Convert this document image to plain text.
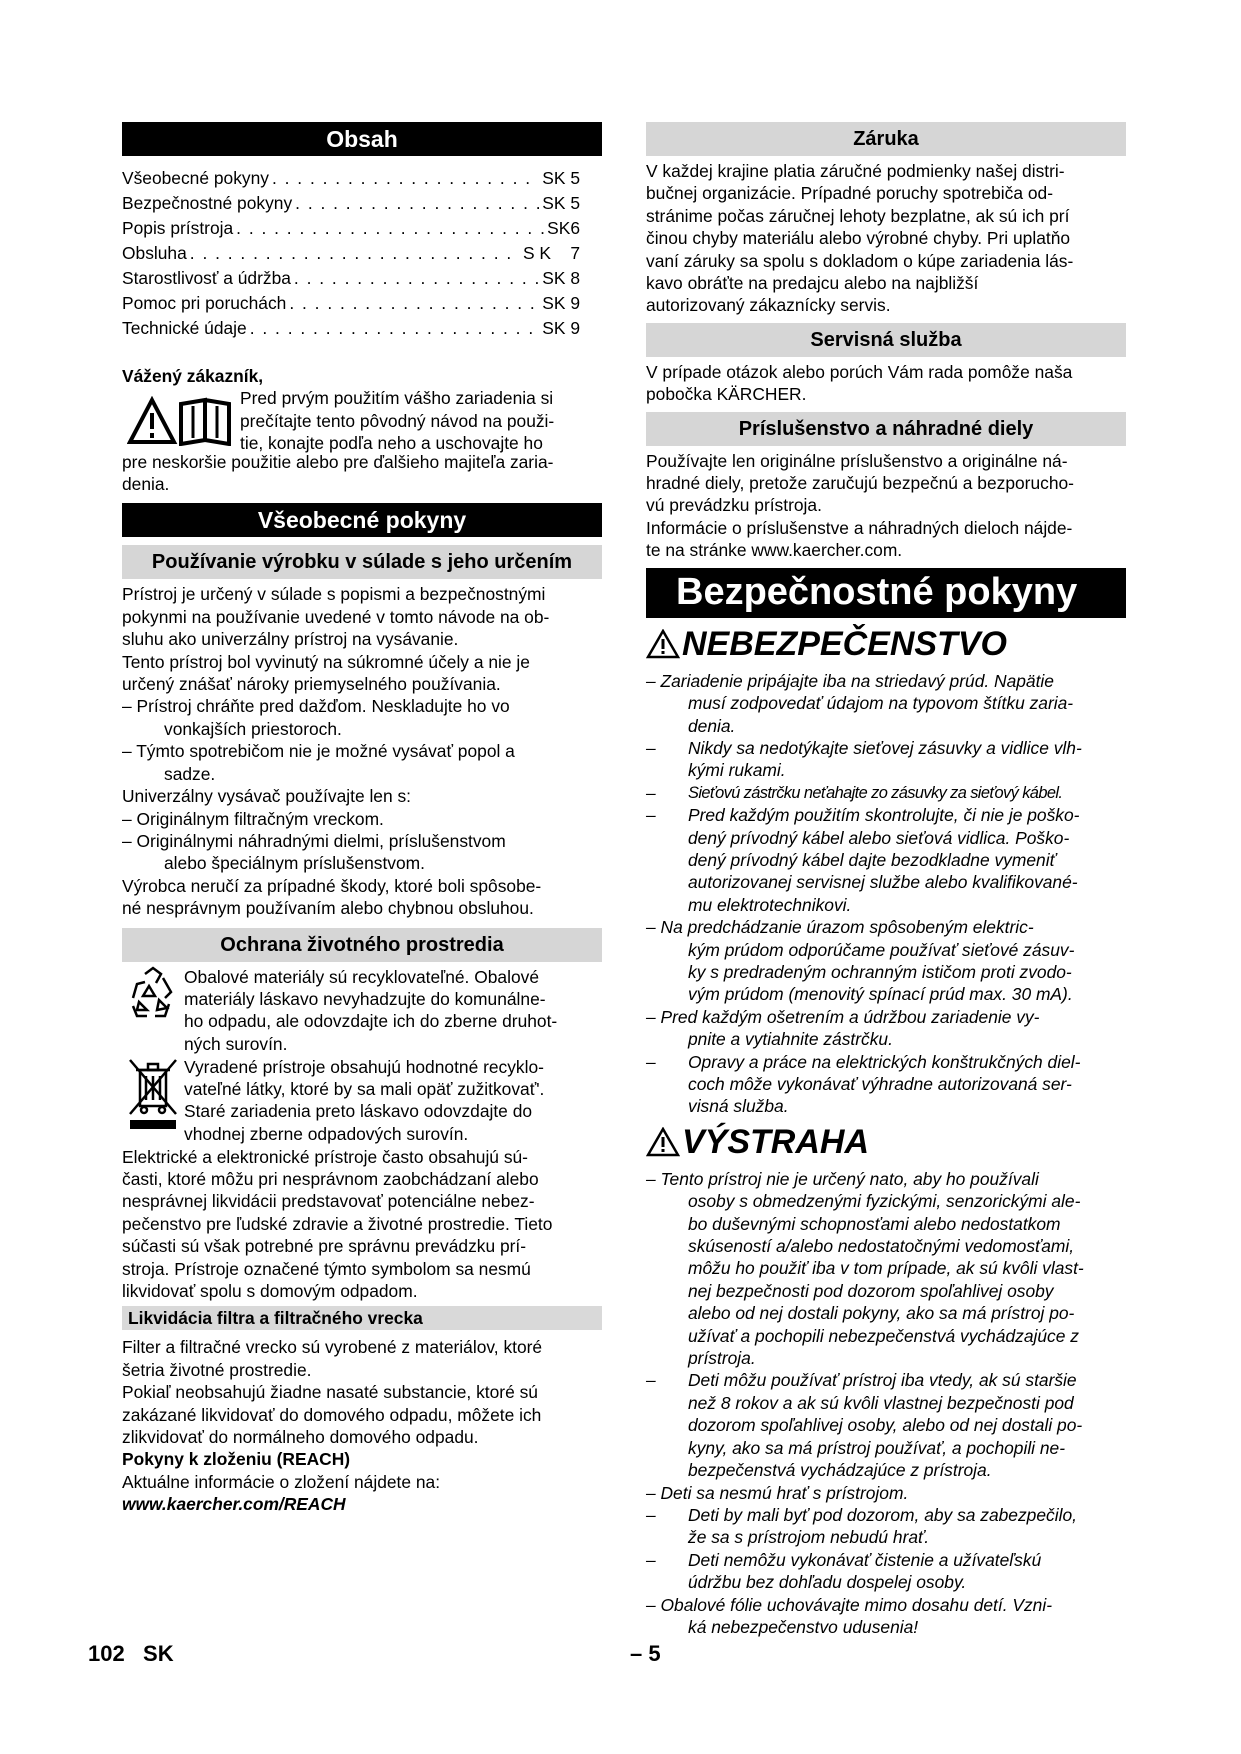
Obsah
Všeobecné pokyny . . .	SK 5
Bezpečnostné pokyny . . .	SK 5
Popis prístroja . . .	SK6
Obsluha . . .	S K    7
Starostlivosť a údržba . . .	SK 8
Pomoc pri poruchách . . .	SK 9
Technické údaje . . .	SK 9
Vážený zákazník,

Pred prvým použitím vášho zariadenia si

prečítajte tento pôvodný návod na použi-

tie, konajte podľa neho a uschovajte ho

pre neskoršie použitie alebo pre ďalšieho majiteľa zaria-

denia.

Všeobecné pokyny
Používanie výrobku v súlade s jeho určením

Prístroj je určený v súlade s popismi a bezpečnostnými

pokynmi na používanie uvedené v tomto návode na ob-

sluhu ako univerzálny prístroj na vysávanie.

Tento prístroj bol vyvinutý na súkromné účely a nie je

určený znášať nároky priemyselného používania.

– Prístroj chráňte pred dažďom. Neskladujte ho vo

vonkajších priestoroch.

– Týmto spotrebičom nie je možné vysávať popol a

sadze.

Univerzálny vysávač používajte len s:

– Originálnym filtračným vreckom.

– Originálnymi náhradnými dielmi, príslušenstvom

alebo špeciálnym príslušenstvom.

Výrobca neručí za prípadné škody, ktoré boli spôsobe-

né nesprávnym používaním alebo chybnou obsluhou.

Ochrana životného prostredia

Obalové materiály sú recyklovateľné. Obalové

materiály láskavo nevyhadzujte do komunálne-

ho odpadu, ale odovzdajte ich do zberne druhot-

ných surovín.

Vyradené prístroje obsahujú hodnotné recyklo-

vateľné látky, ktoré by sa mali opäť zužitkovať'.

Staré zariadenia preto láskavo odovzdajte do

vhodnej zberne odpadových surovín.

Elektrické a elektronické prístroje často obsahujú sú-

časti, ktoré môžu pri nesprávnom zaobchádzaní alebo

nesprávnej likvidácii predstavovať potenciálne nebez-

pečenstvo pre ľudské zdravie a životné prostredie. Tieto

súčasti sú však potrebné pre správnu prevádzku prí-

stroja. Prístroje označené týmto symbolom sa nesmú

likvidovať spolu s domovým odpadom.

Likvidácia filtra a filtračného vrecka

Filter a filtračné vrecko sú vyrobené z materiálov, ktoré

šetria životné prostredie.

Pokiaľ neobsahujú žiadne nasaté substancie, ktoré sú

zakázané likvidovať do domového odpadu, môžete ich

zlikvidovať do normálneho domového odpadu.

Pokyny k zloženiu (REACH)

Aktuálne informácie o zložení nájdete na:

www.kaercher.com/REACH

Záruka

V každej krajine platia záručné podmienky našej distri-

bučnej organizácie. Prípadné poruchy spotrebiča od-

stránime počas záručnej lehoty bezplatne, ak sú ich prí

činou chyby materiálu alebo výrobné chyby. Pri uplatňo

vaní záruky sa spolu s dokladom o kúpe zariadenia lás-

kavo obráťte na predajcu alebo na najbližší

autorizovaný zákaznícky servis.

Servisná služba

V prípade otázok alebo porúch Vám rada pomôže naša

pobočka KÄRCHER.

Príslušenstvo a náhradné diely

Používajte len originálne príslušenstvo a originálne ná-

hradné diely, pretože zaručujú bezpečnú a bezporucho-

vú prevádzku prístroja.

Informácie o príslušenstve a náhradných dieloch nájde-

te na stránke www.kaercher.com.

Bezpečnostné pokyny
NEBEZPEČENSTVO
– Zariadenie pripájajte iba na striedavý prúd. Napätie

musí zodpovedať údajom na typovom štítku zaria-

denia.

–	Nikdy sa nedotýkajte sieťovej zásuvky a vidlice vlh-

kými rukami.

–	Sieťovú zástrčku neťahajte zo zásuvky za sieťový kábel.
–	Pred každým použitím skontrolujte, či nie je poško-

dený prívodný kábel alebo sieťová vidlica. Poško-

dený prívodný kábel dajte bezodkladne vymeniť

autorizovanej servisnej službe alebo kvalifikované-

mu elektrotechnikovi.

– Na predchádzanie úrazom spôsobeným elektric-

kým prúdom odporúčame používať sieťové zásuv-

ky s predradeným ochranným ističom proti zvodo-

vým prúdom (menovitý spínací prúd max. 30 mA).

– Pred každým ošetrením a údržbou zariadenie vy-

pnite a vytiahnite zástrčku.

–	Opravy a práce na elektrických konštrukčných diel-

coch môže vykonávať výhradne autorizovaná ser-

visná služba.

VÝSTRAHA
– Tento prístroj nie je určený nato, aby ho používali

osoby s obmedzenými fyzickými, senzorickými ale-

bo duševnými schopnosťami alebo nedostatkom

skúseností a/alebo nedostatočnými vedomosťami,

môžu ho použiť iba v tom prípade, ak sú kvôli vlast-

nej bezpečnosti pod dozorom spoľahlivej osoby

alebo od nej dostali pokyny, ako sa má prístroj po-

užívať a pochopili nebezpečenstvá vychádzajúce z

prístroja.

–	Deti môžu používať prístroj iba vtedy, ak sú staršie

než 8 rokov a ak sú kvôli vlastnej bezpečnosti pod

dozorom spoľahlivej osoby, alebo od nej dostali po-

kyny, ako sa má prístroj používať, a pochopili ne-

bezpečenstvá vychádzajúce z prístroja.

– Deti sa nesmú hrať s prístrojom.
–	Deti by mali byť pod dozorom, aby sa zabezpečilo,

že sa s prístrojom nebudú hrať.

–	Deti nemôžu vykonávať čistenie a užívateľskú

údržbu bez dohľadu dospelej osoby.

– Obalové fólie uchovávajte mimo dosahu detí. Vzni-

ká nebezpečenstvo udusenia!

102   SK	– 5
